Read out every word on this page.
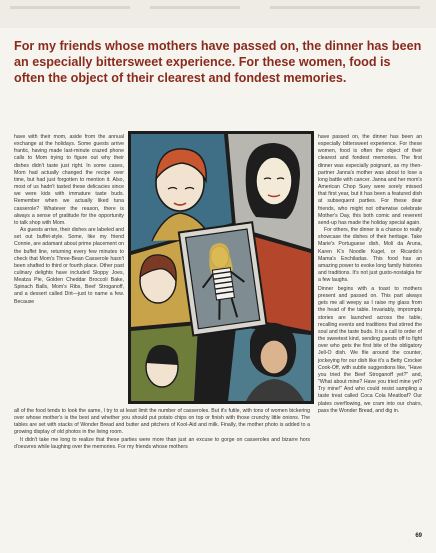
For my friends whose mothers have passed on, the dinner has been an especially bittersweet experience. For these women, food is often the object of their clearest and fondest memories.

have with their mom, aside from the annual exchange at the holidays. Some guests arrive frantic, having made last-minute crazed phone calls to Mom trying to figure out why their dishes didn't taste just right. In some cases, Mom had actually changed the recipe over time, but had just forgotten to mention it. Also, most of us hadn't tasted these delicacies since we were kids with immature taste buds. Remember when we actually liked tuna casserole? Whatever the reason, there is always a sense of gratitude for the opportunity to talk shop with Mom.

As guests arrive, their dishes are labeled and set out buffet-style. Some, like my friend Connie, are adamant about prime placement on the buffet line, returning every few minutes to check that Mom's Three-Bean Casserole hasn't been shafted to third or fourth place. Other past culinary delights have included Sloppy Joes, Meatza Pie, Golden Cheddar Broccoli Bake, Spinach Balls, Mom's Ribs, Beef Stroganoff, and a dessert called Dirt—just to name a few. Because

have passed on, the dinner has been an especially bittersweet experience. For these women, food is often the object of their clearest and fondest memories. The first dinner was especially poignant, as my then-partner Janna's mother was about to lose a long battle with cancer. Janna and her mom's American Chop Suey were sorely missed that first year, but it has been a featured dish at subsequent parties. For these dear friends, who might not otherwise celebrate Mother's Day, this both comic and reverent send-up has made the holiday special again.

For others, the dinner is a chance to really showcase the dishes of their heritage. Take Marie's Portuguese dish, Molí da Aruna, Karen K's Noodle Kugel, or Ricardo's Mama's Enchiladas. This food has an amazing power to evoke long family histories and traditions. It's not just gusto-nostalgia for a few laughs.

all of the food tends to look the same, I try to at least limit the number of casseroles. But it's futile, with tons of women bickering over whose mother's is the best and whether you should put potato chips on top or finish with those crunchy little onions. The tables are set with stacks of Wonder Bread and butter and pitchers of Kool-Aid and milk. Finally, the mother photo is added to a growing display of old photos in the living room.

It didn't take me long to realize that these parties were more than just an excuse to gorge on casseroles and bizarre hors d'oeuvres while laughing over the memories. For my friends whose mothers

Dinner begins with a toast to mothers present and passed on. This part always gets me all weepy as I raise my glass from the head of the table. Invariably, impromptu stories are launched across the table, recalling events and traditions that stirred the soul and the taste buds. It is a call to order of the sweetest kind, sending guests off to fight over who gets the first bite of the obligatory Jell-O dish. We file around the counter, jockeying for our dish like it's a Betty Crocker Cook-Off, with subtle suggestions like, "Have you tried the Beef Stroganoff yet?" and, "What about mine? Have you tried mine yet? Try mine!" And who could resist sampling a taste treat called Coca Cola Meatloaf? Our plates overflowing, we cram into our chairs, pass the Wonder Bread, and dig in.

69
